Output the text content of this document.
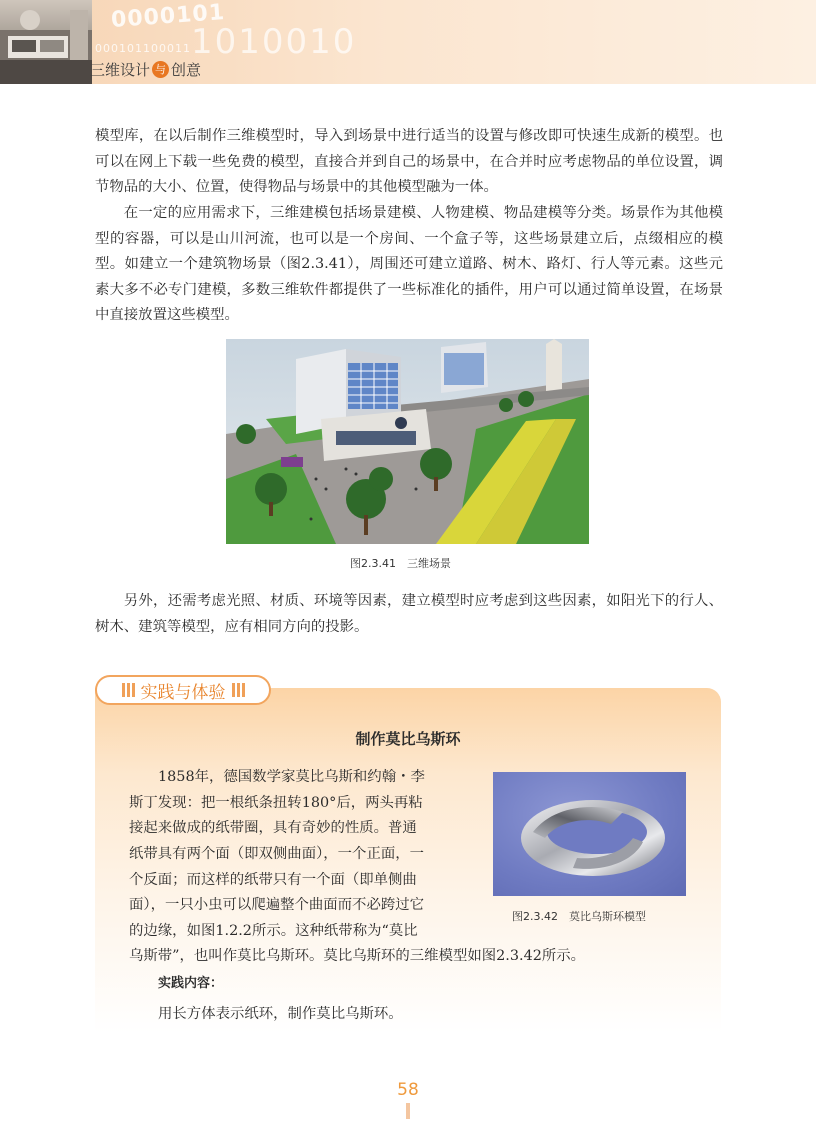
0000101
1010010
000101100011
三维设计 与 创意

模型库，在以后制作三维模型时，导入到场景中进行适当的设置与修改即可快速生成新的模型。也可以在网上下载一些免费的模型，直接合并到自己的场景中，在合并时应考虑物品的单位设置，调节物品的大小、位置，使得物品与场景中的其他模型融为一体。

在一定的应用需求下，三维建模包括场景建模、人物建模、物品建模等分类。场景作为其他模型的容器，可以是山川河流，也可以是一个房间、一个盒子等，这些场景建立后，点缀相应的模型。如建立一个建筑物场景（图2.3.41），周围还可建立道路、树木、路灯、行人等元素。这些元素大多不必专门建模，多数三维软件都提供了一些标准化的插件，用户可以通过简单设置，在场景中直接放置这些模型。

图2.3.41　三维场景

另外，还需考虑光照、材质、环境等因素，建立模型时应考虑到这些因素，如阳光下的行人、树木、建筑等模型，应有相同方向的投影。

实践与体验
制作莫比乌斯环
1858年，德国数学家莫比乌斯和约翰・李
斯丁发现：把一根纸条扭转180°后，两头再粘
接起来做成的纸带圈，具有奇妙的性质。普通
纸带具有两个面（即双侧曲面），一个正面，一
个反面；而这样的纸带只有一个面（即单侧曲
面），一只小虫可以爬遍整个曲面而不必跨过它
的边缘，如图1.2.2所示。这种纸带称为“莫比
乌斯带”，也叫作莫比乌斯环。莫比乌斯环的三维模型如图2.3.42所示。
图2.3.42　莫比乌斯环模型
实践内容：
用长方体表示纸环，制作莫比乌斯环。
58
